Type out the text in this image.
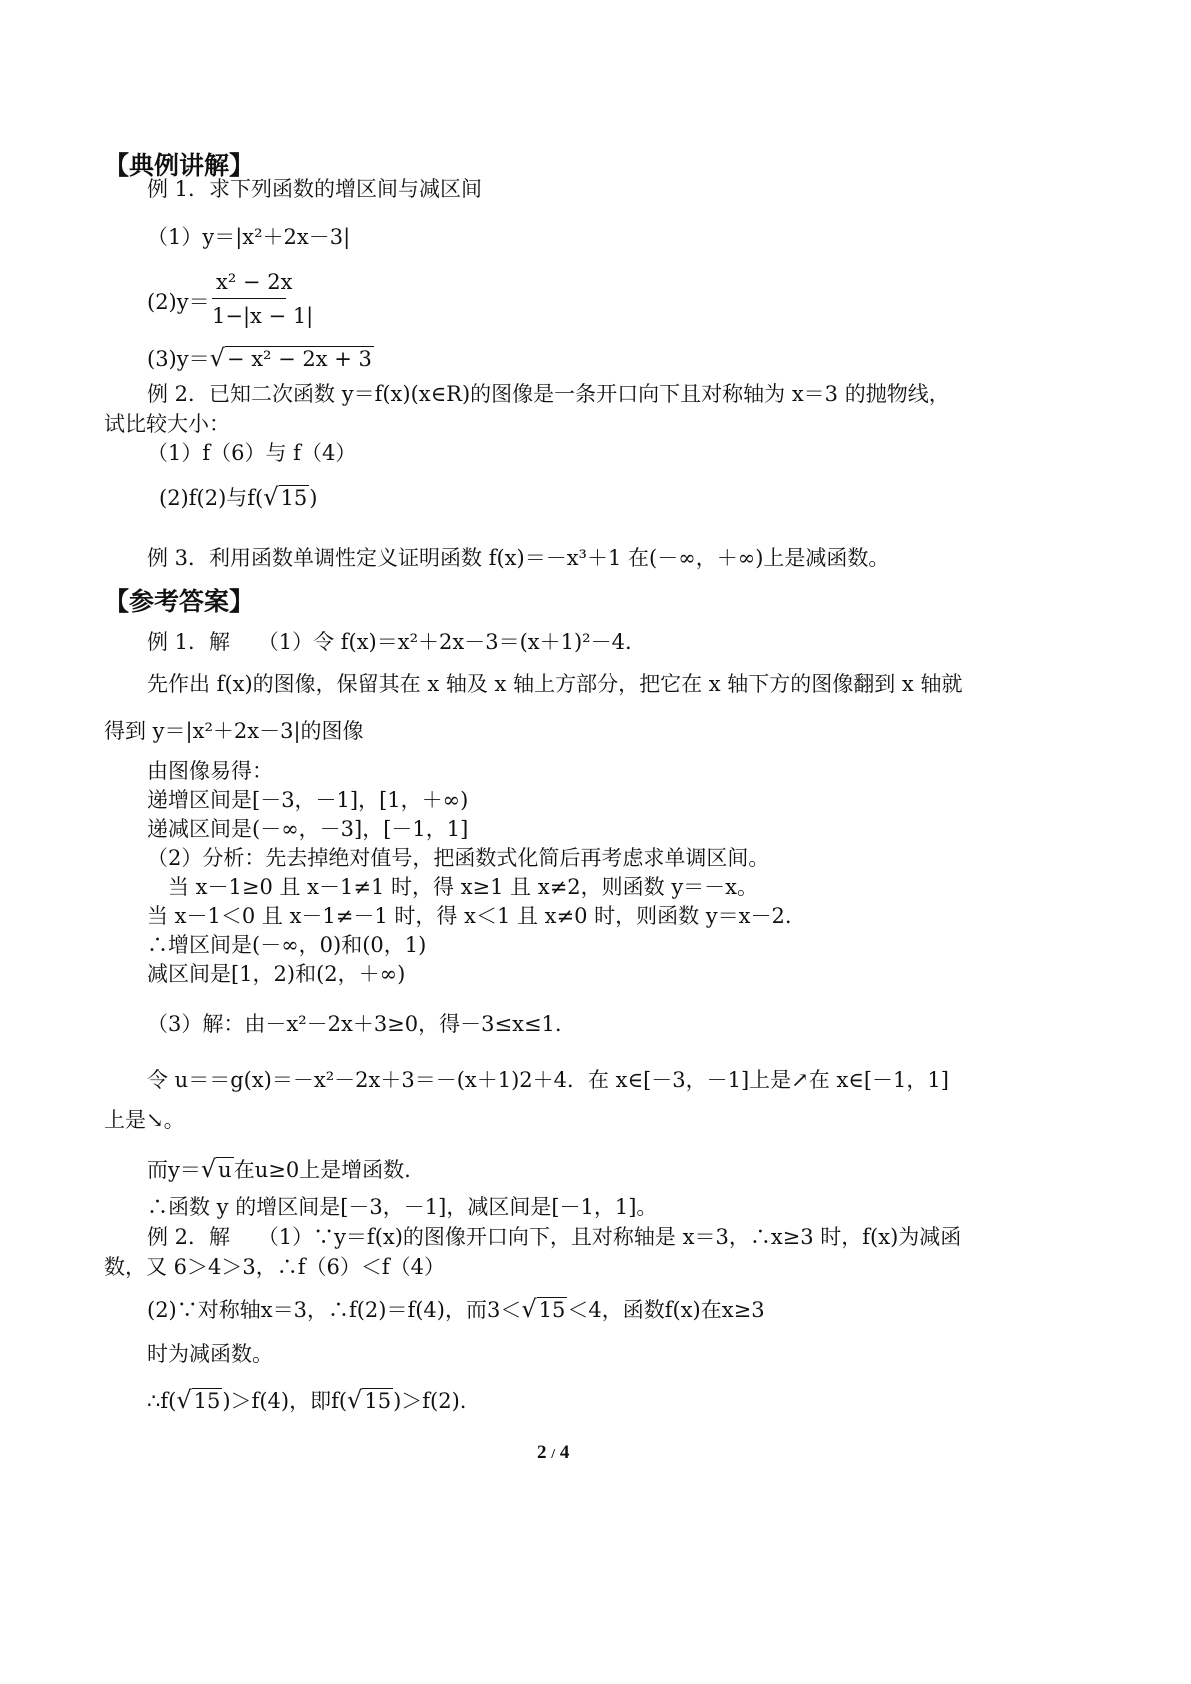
【典例讲解】
例 1．求下列函数的增区间与减区间
（1）y＝|x²＋2x－3|
(2)y＝
x² − 2x
1−|x − 1|
(3)y＝√− x² − 2x + 3
例 2．已知二次函数 y＝f(x)(x∈R)的图像是一条开口向下且对称轴为 x＝3 的抛物线，
试比较大小：
（1）f（6）与 f（4）
(2)f(2)与f(√15)
例 3．利用函数单调性定义证明函数 f(x)＝－x³＋1 在(－∞，＋∞)上是减函数。
【参考答案】
例 1．解　 （1）令 f(x)＝x²＋2x－3＝(x＋1)²－4.
先作出 f(x)的图像，保留其在 x 轴及 x 轴上方部分，把它在 x 轴下方的图像翻到 x 轴就
得到 y＝|x²＋2x－3|的图像
由图像易得：
递增区间是[－3，－1]，[1，＋∞)
递减区间是(－∞，－3]，[－1，1]
（2）分析：先去掉绝对值号，把函数式化简后再考虑求单调区间。
　当 x－1≥0 且 x－1≠1 时，得 x≥1 且 x≠2，则函数 y＝－x。
当 x－1＜0 且 x－1≠－1 时，得 x＜1 且 x≠0 时，则函数 y＝x－2.
∴增区间是(－∞，0)和(0，1)
减区间是[1，2)和(2，＋∞)
（3）解：由－x²－2x＋3≥0，得－3≤x≤1.
令 u＝＝g(x)＝－x²－2x＋3＝－(x＋1)2＋4．在 x∈[－3，－1]上是↗在 x∈[－1，1]
上是↘。
而y＝√u在u≥0上是增函数.
∴函数 y 的增区间是[－3，－1]，减区间是[－1，1]。
例 2．解　 （1）∵y＝f(x)的图像开口向下，且对称轴是 x＝3，∴x≥3 时，f(x)为减函
数，又 6＞4＞3，∴f（6）＜f（4）
(2)∵对称轴x＝3，∴f(2)＝f(4)，而3＜√15＜4，函数f(x)在x≥3
时为减函数。
∴f(√15)＞f(4)，即f(√15)＞f(2).
2 / 4
